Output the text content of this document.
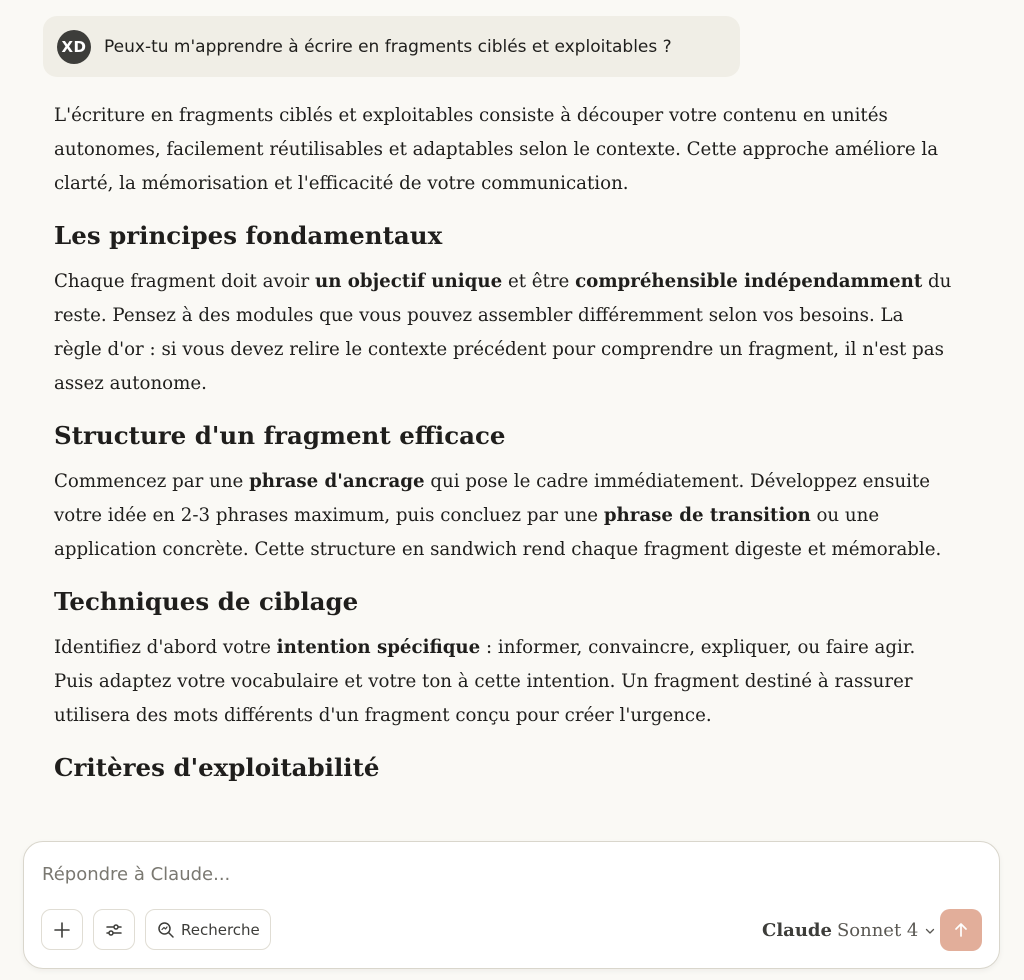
XD Peux-tu m'apprendre à écrire en fragments ciblés et exploitables ?

L'écriture en fragments ciblés et exploitables consiste à découper votre contenu en unités autonomes, facilement réutilisables et adaptables selon le contexte. Cette approche améliore la clarté, la mémorisation et l'efficacité de votre communication.

Les principes fondamentaux

Chaque fragment doit avoir un objectif unique et être compréhensible indépendamment du reste. Pensez à des modules que vous pouvez assembler différemment selon vos besoins. La règle d'or : si vous devez relire le contexte précédent pour comprendre un fragment, il n'est pas assez autonome.

Structure d'un fragment efficace

Commencez par une phrase d'ancrage qui pose le cadre immédiatement. Développez ensuite votre idée en 2-3 phrases maximum, puis concluez par une phrase de transition ou une application concrète. Cette structure en sandwich rend chaque fragment digeste et mémorable.

Techniques de ciblage

Identifiez d'abord votre intention spécifique : informer, convaincre, expliquer, ou faire agir. Puis adaptez votre vocabulaire et votre ton à cette intention. Un fragment destiné à rassurer utilisera des mots différents d'un fragment conçu pour créer l'urgence.

Critères d'exploitabilité
Répondre à Claude...
Recherche	Claude Sonnet 4
